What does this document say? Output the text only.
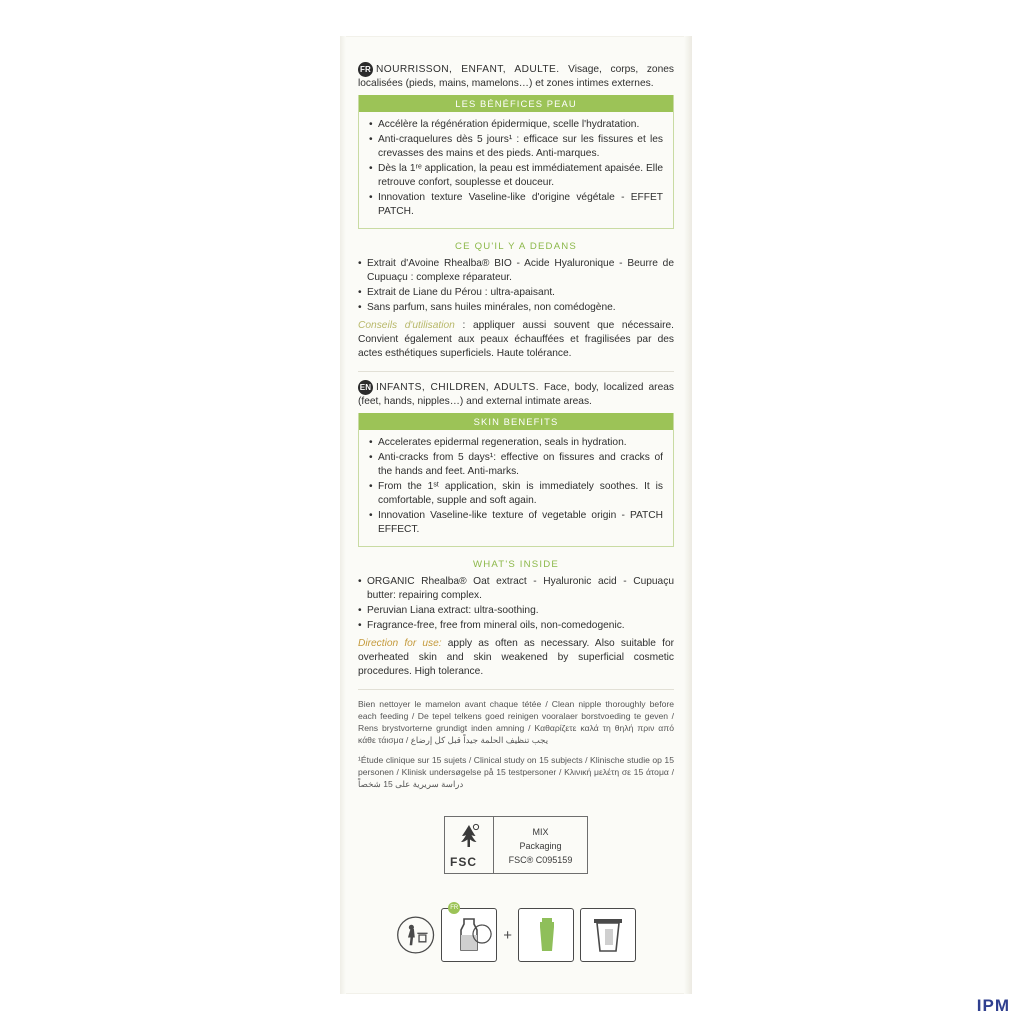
FR NOURRISSON, ENFANT, ADULTE. Visage, corps, zones localisées (pieds, mains, mamelons…) et zones intimes externes.

LES BÉNÉFICES PEAU
• Accélère la régénération épidermique, scelle l'hydratation.
• Anti-craquelures dès 5 jours¹ : efficace sur les fissures et les crevasses des mains et des pieds. Anti-marques.
• Dès la 1ʳᵉ application, la peau est immédiatement apaisée. Elle retrouve confort, souplesse et douceur.
• Innovation texture Vaseline-like d'origine végétale - EFFET PATCH.
CE QU'IL Y A DEDANS
• Extrait d'Avoine Rhealba® BIO - Acide Hyaluronique - Beurre de Cupuaçu : complexe réparateur.
• Extrait de Liane du Pérou : ultra-apaisant.
• Sans parfum, sans huiles minérales, non comédogène.

Conseils d'utilisation : appliquer aussi souvent que nécessaire. Convient également aux peaux échauffées et fragilisées par des actes esthétiques superficiels. Haute tolérance.

EN INFANTS, CHILDREN, ADULTS. Face, body, localized areas (feet, hands, nipples…) and external intimate areas.

SKIN BENEFITS
• Accelerates epidermal regeneration, seals in hydration.
• Anti-cracks from 5 days¹: effective on fissures and cracks of the hands and feet. Anti-marks.
• From the 1ˢᵗ application, skin is immediately soothes. It is comfortable, supple and soft again.
• Innovation Vaseline-like texture of vegetable origin - PATCH EFFECT.
WHAT'S INSIDE
• ORGANIC Rhealba® Oat extract - Hyaluronic acid - Cupuaçu butter: repairing complex.
• Peruvian Liana extract: ultra-soothing.
• Fragrance-free, free from mineral oils, non-comedogenic.

Direction for use: apply as often as necessary. Also suitable for overheated skin and skin weakened by superficial cosmetic procedures. High tolerance.

Bien nettoyer le mamelon avant chaque tétée / Clean nipple thoroughly before each feeding / De tepel telkens goed reinigen vooralaer borstvoeding te geven / Rens brystvorterne grundigt inden amning / Καθαρίζετε καλά τη θηλή πριν από κάθε τάισμα / يجب تنظيف الحلمة جيداً قبل كل إرضاع

¹Étude clinique sur 15 sujets / Clinical study on 15 subjects / Klinische studie op 15 personen / Klinisk undersøgelse på 15 testpersoner / Κλινική μελέτη σε 15 άτομα / دراسة سريرية على 15 شخصاً

FSC
MIX
Packaging
FSC® C095159
FR
+
IPM
